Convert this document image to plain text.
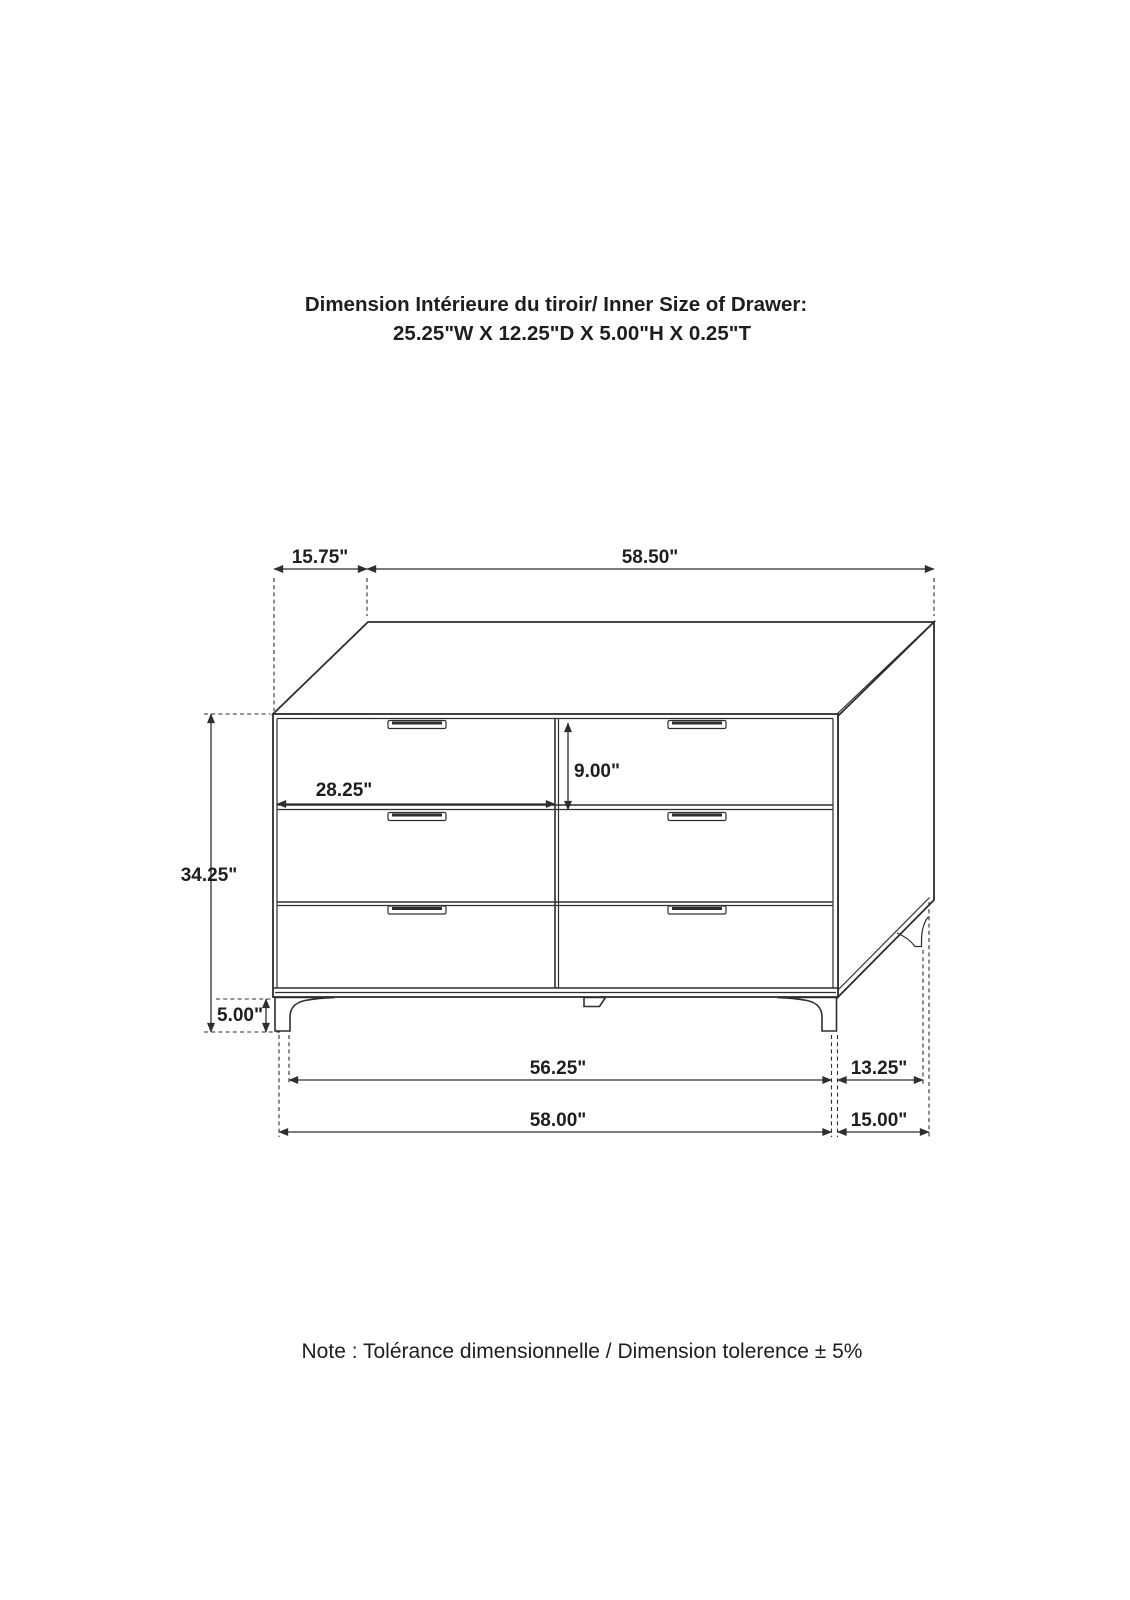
Dimension Intérieure du tiroir/ Inner Size of Drawer:
25.25"W X 12.25"D X 5.00"H X 0.25"T
15.75"	58.50"
34.25"
5.00"
28.25"
9.00"
56.25"	13.25"
58.00"	15.00"
Note : Tolérance dimensionnelle / Dimension tolerence ± 5%
